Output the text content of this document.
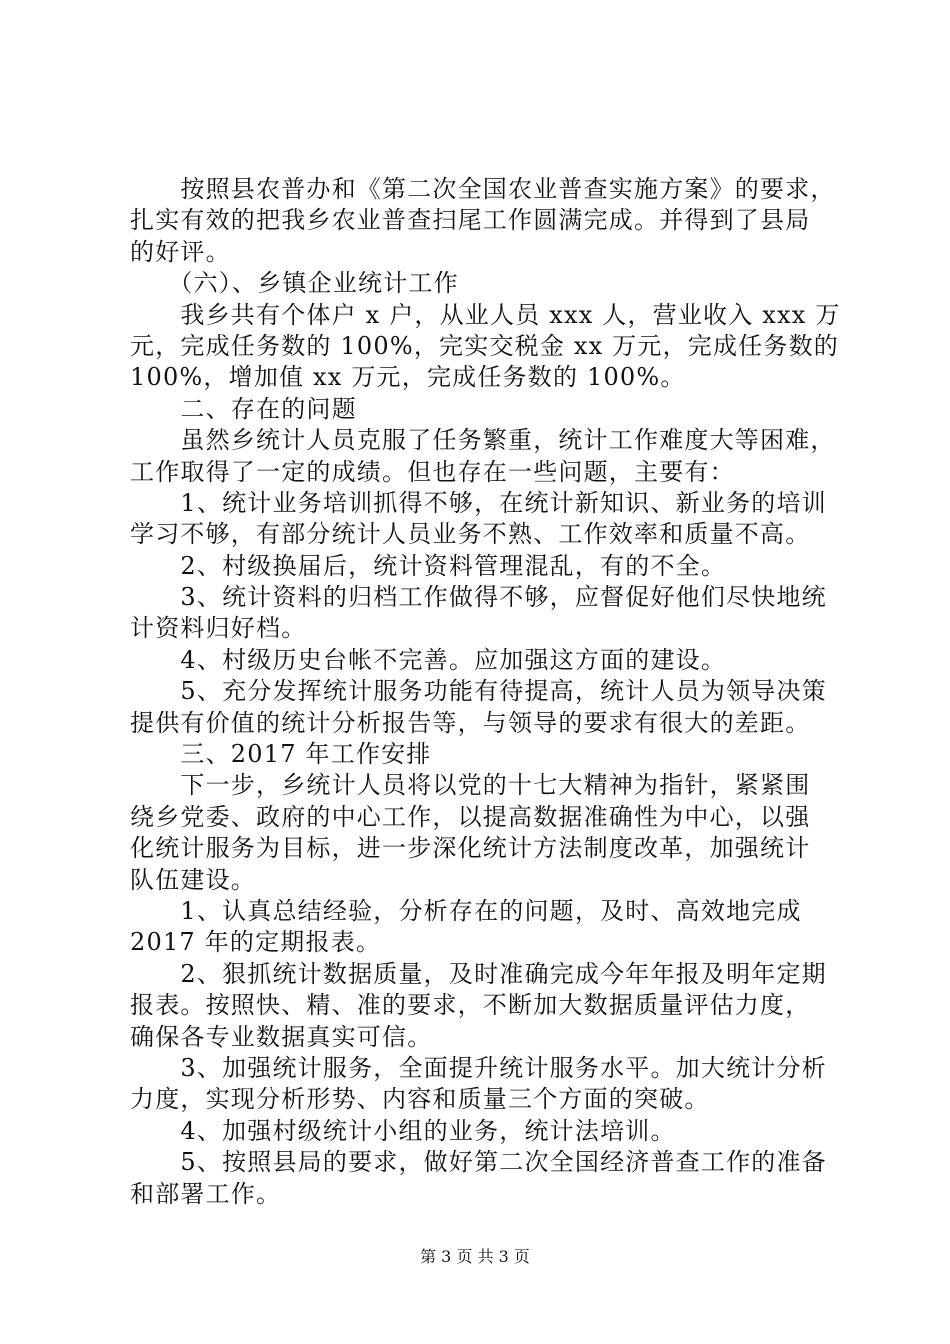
　　按照县农普办和《第二次全国农业普查实施方案》的要求，
扎实有效的把我乡农业普查扫尾工作圆满完成。并得到了县局
的好评。
　　（六）、乡镇企业统计工作
　　我乡共有个体户 x 户，从业人员 xxx 人，营业收入 xxx 万
元，完成任务数的 100%，完实交税金 xx 万元，完成任务数的
100%，增加值 xx 万元，完成任务数的 100%。
　　二、存在的问题
　　虽然乡统计人员克服了任务繁重，统计工作难度大等困难，
工作取得了一定的成绩。但也存在一些问题，主要有：
　　1、统计业务培训抓得不够，在统计新知识、新业务的培训
学习不够，有部分统计人员业务不熟、工作效率和质量不高。
　　2、村级换届后，统计资料管理混乱，有的不全。
　　3、统计资料的归档工作做得不够，应督促好他们尽快地统
计资料归好档。
　　4、村级历史台帐不完善。应加强这方面的建设。
　　5、充分发挥统计服务功能有待提高，统计人员为领导决策
提供有价值的统计分析报告等，与领导的要求有很大的差距。
　　三、2017 年工作安排
　　下一步，乡统计人员将以党的十七大精神为指针，紧紧围
绕乡党委、政府的中心工作，以提高数据准确性为中心，以强
化统计服务为目标，进一步深化统计方法制度改革，加强统计
队伍建设。
　　1、认真总结经验，分析存在的问题，及时、高效地完成
2017 年的定期报表。
　　2、狠抓统计数据质量，及时准确完成今年年报及明年定期
报表。按照快、精、准的要求，不断加大数据质量评估力度，
确保各专业数据真实可信。
　　3、加强统计服务，全面提升统计服务水平。加大统计分析
力度，实现分析形势、内容和质量三个方面的突破。
　　4、加强村级统计小组的业务，统计法培训。
　　5、按照县局的要求，做好第二次全国经济普查工作的准备
和部署工作。
第 3 页 共 3 页
